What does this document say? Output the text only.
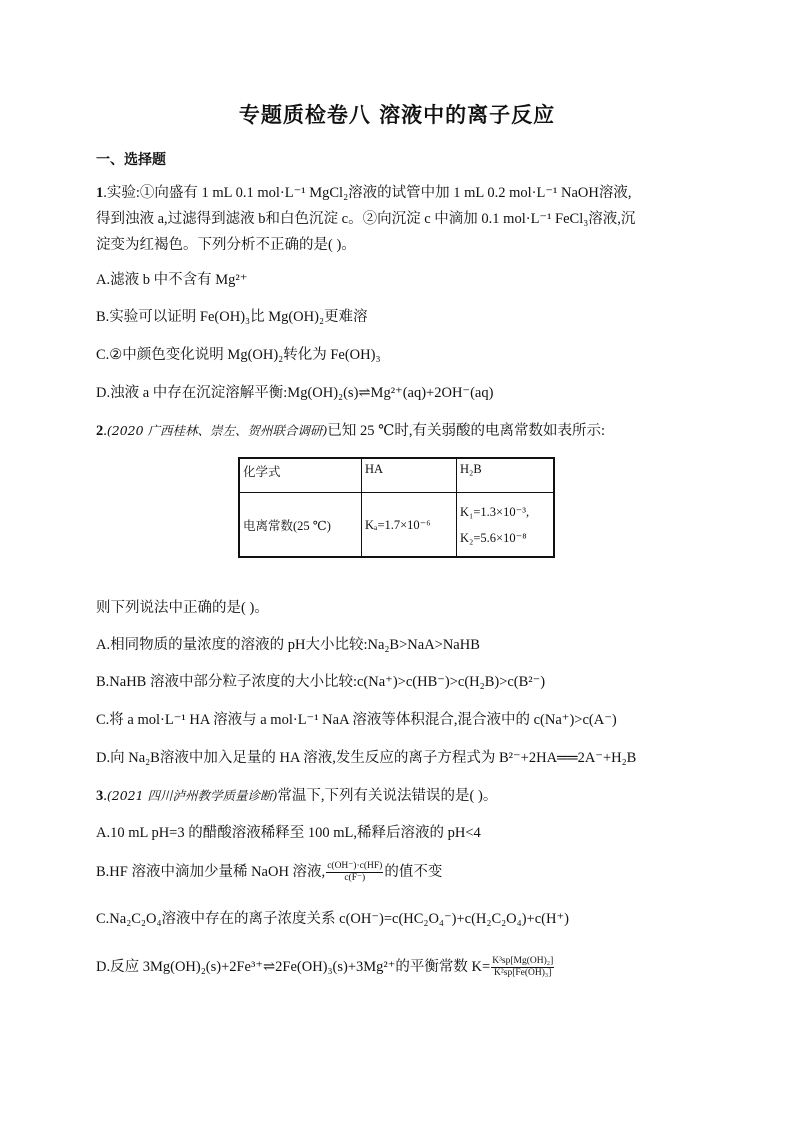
专题质检卷八 溶液中的离子反应
一、选择题
1.实验:①向盛有 1 mL 0.1 mol·L⁻¹ MgCl₂溶液的试管中加 1 mL 0.2 mol·L⁻¹ NaOH溶液,
得到浊液 a,过滤得到滤液 b和白色沉淀 c。②向沉淀 c 中滴加 0.1 mol·L⁻¹ FeCl₃溶液,沉
淀变为红褐色。下列分析不正确的是( )。
A.滤液 b 中不含有 Mg²⁺
B.实验可以证明 Fe(OH)₃比 Mg(OH)₂更难溶
C.②中颜色变化说明 Mg(OH)₂转化为 Fe(OH)₃
D.浊液 a 中存在沉淀溶解平衡:Mg(OH)₂(s)⇌Mg²⁺(aq)+2OH⁻(aq)
2.(2020 广西桂林、崇左、贺州联合调研)已知 25 ℃时,有关弱酸的电离常数如表所示:
化学式	HA	H₂B
电离常数(25 ℃)	Kₐ=1.7×10⁻⁶	K₁=1.3×10⁻³,
K₂=5.6×10⁻⁸
则下列说法中正确的是( )。
A.相同物质的量浓度的溶液的 pH大小比较:Na₂B>NaA>NaHB
B.NaHB 溶液中部分粒子浓度的大小比较:c(Na⁺)>c(HB⁻)>c(H₂B)>c(B²⁻)
C.将 a mol·L⁻¹ HA 溶液与 a mol·L⁻¹ NaA 溶液等体积混合,混合液中的 c(Na⁺)>c(A⁻)
D.向 Na₂B溶液中加入足量的 HA 溶液,发生反应的离子方程式为 B²⁻+2HA══2A⁻+H₂B
3.(2021 四川泸州教学质量诊断)常温下,下列有关说法错误的是( )。
A.10 mL pH=3 的醋酸溶液稀释至 100 mL,稀释后溶液的 pH<4
B.HF 溶液中滴加少量稀 NaOH 溶液, $\frac{c(OH^-)\cdot c(HF)}{c(F^-)}$ 的值不变
C.Na₂C₂O₄溶液中存在的离子浓度关系 c(OH⁻)=c(HC₂O₄⁻)+c(H₂C₂O₄)+c(H⁺)
D.反应 3Mg(OH)₂(s)+2Fe³⁺⇌2Fe(OH)₃(s)+3Mg²⁺的平衡常数 $K= \frac{\text{K³sp[Mg(OH)₂]}}{\text{K²sp[Fe(OH)₃]}}$
